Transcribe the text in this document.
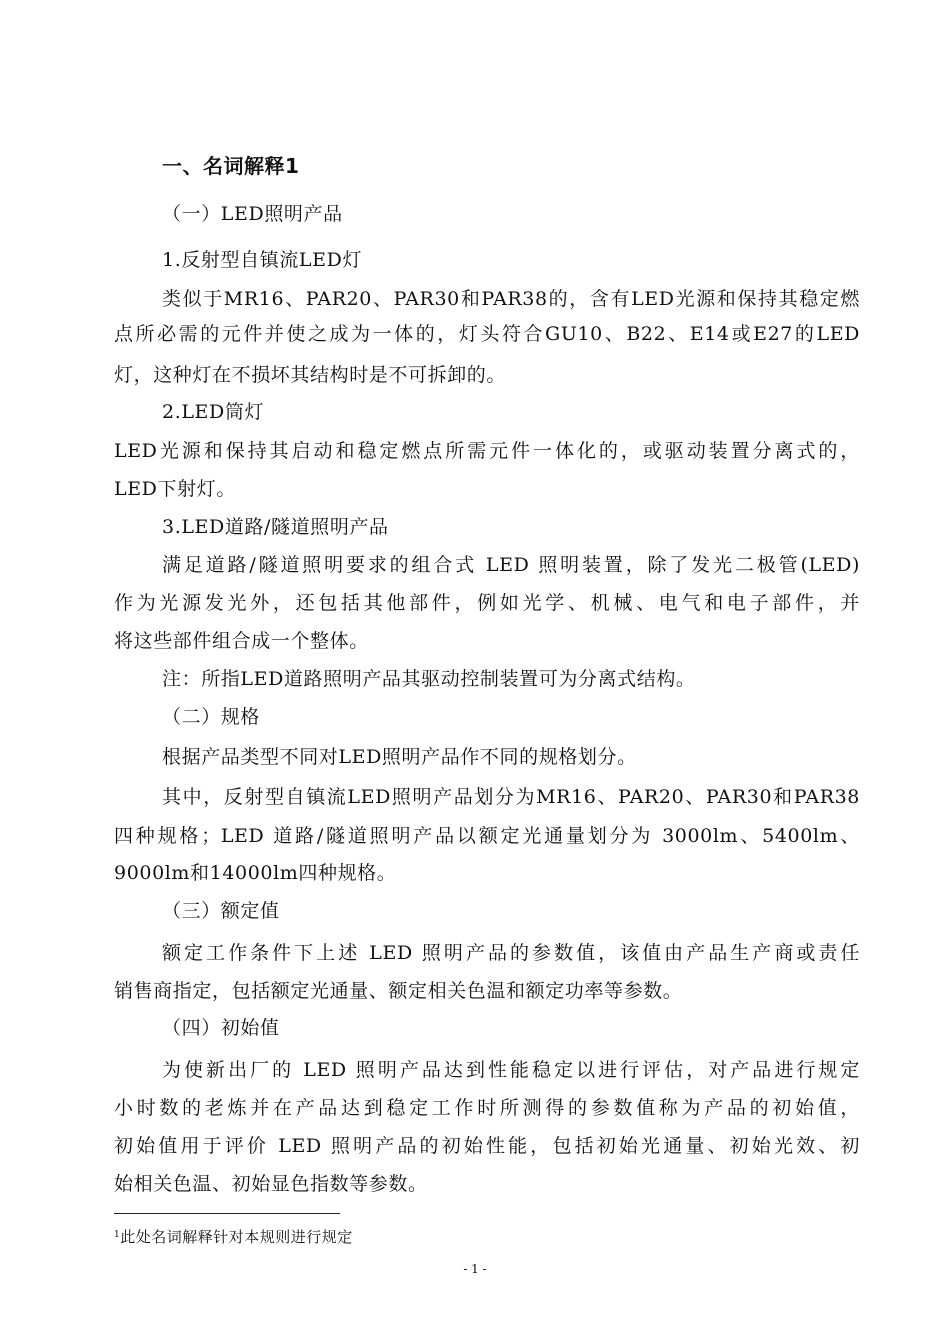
一、名词解释1
（一）LED照明产品
1.反射型自镇流LED灯
类似于MR16、PAR20、PAR30和PAR38的，含有LED光源和保持其稳定燃
点所必需的元件并使之成为一体的，灯头符合GU10、B22、E14或E27的LED
灯，这种灯在不损坏其结构时是不可拆卸的。
2.LED筒灯
LED光源和保持其启动和稳定燃点所需元件一体化的，或驱动装置分离式的，
LED下射灯。
3.LED道路/隧道照明产品
满足道路/隧道照明要求的组合式 LED 照明装置，除了发光二极管(LED)
作为光源发光外，还包括其他部件，例如光学、机械、电气和电子部件，并
将这些部件组合成一个整体。
注：所指LED道路照明产品其驱动控制装置可为分离式结构。
（二）规格
根据产品类型不同对LED照明产品作不同的规格划分。
其中，反射型自镇流LED照明产品划分为MR16、PAR20、PAR30和PAR38
四种规格；LED 道路/隧道照明产品以额定光通量划分为 3000lm、5400lm、
9000lm和14000lm四种规格。
（三）额定值
额定工作条件下上述 LED 照明产品的参数值，该值由产品生产商或责任
销售商指定，包括额定光通量、额定相关色温和额定功率等参数。
（四）初始值
为使新出厂的 LED 照明产品达到性能稳定以进行评估，对产品进行规定
小时数的老炼并在产品达到稳定工作时所测得的参数值称为产品的初始值，
初始值用于评价 LED 照明产品的初始性能，包括初始光通量、初始光效、初
始相关色温、初始显色指数等参数。
$^1$此处名词解释针对本规则进行规定
- 1 -
